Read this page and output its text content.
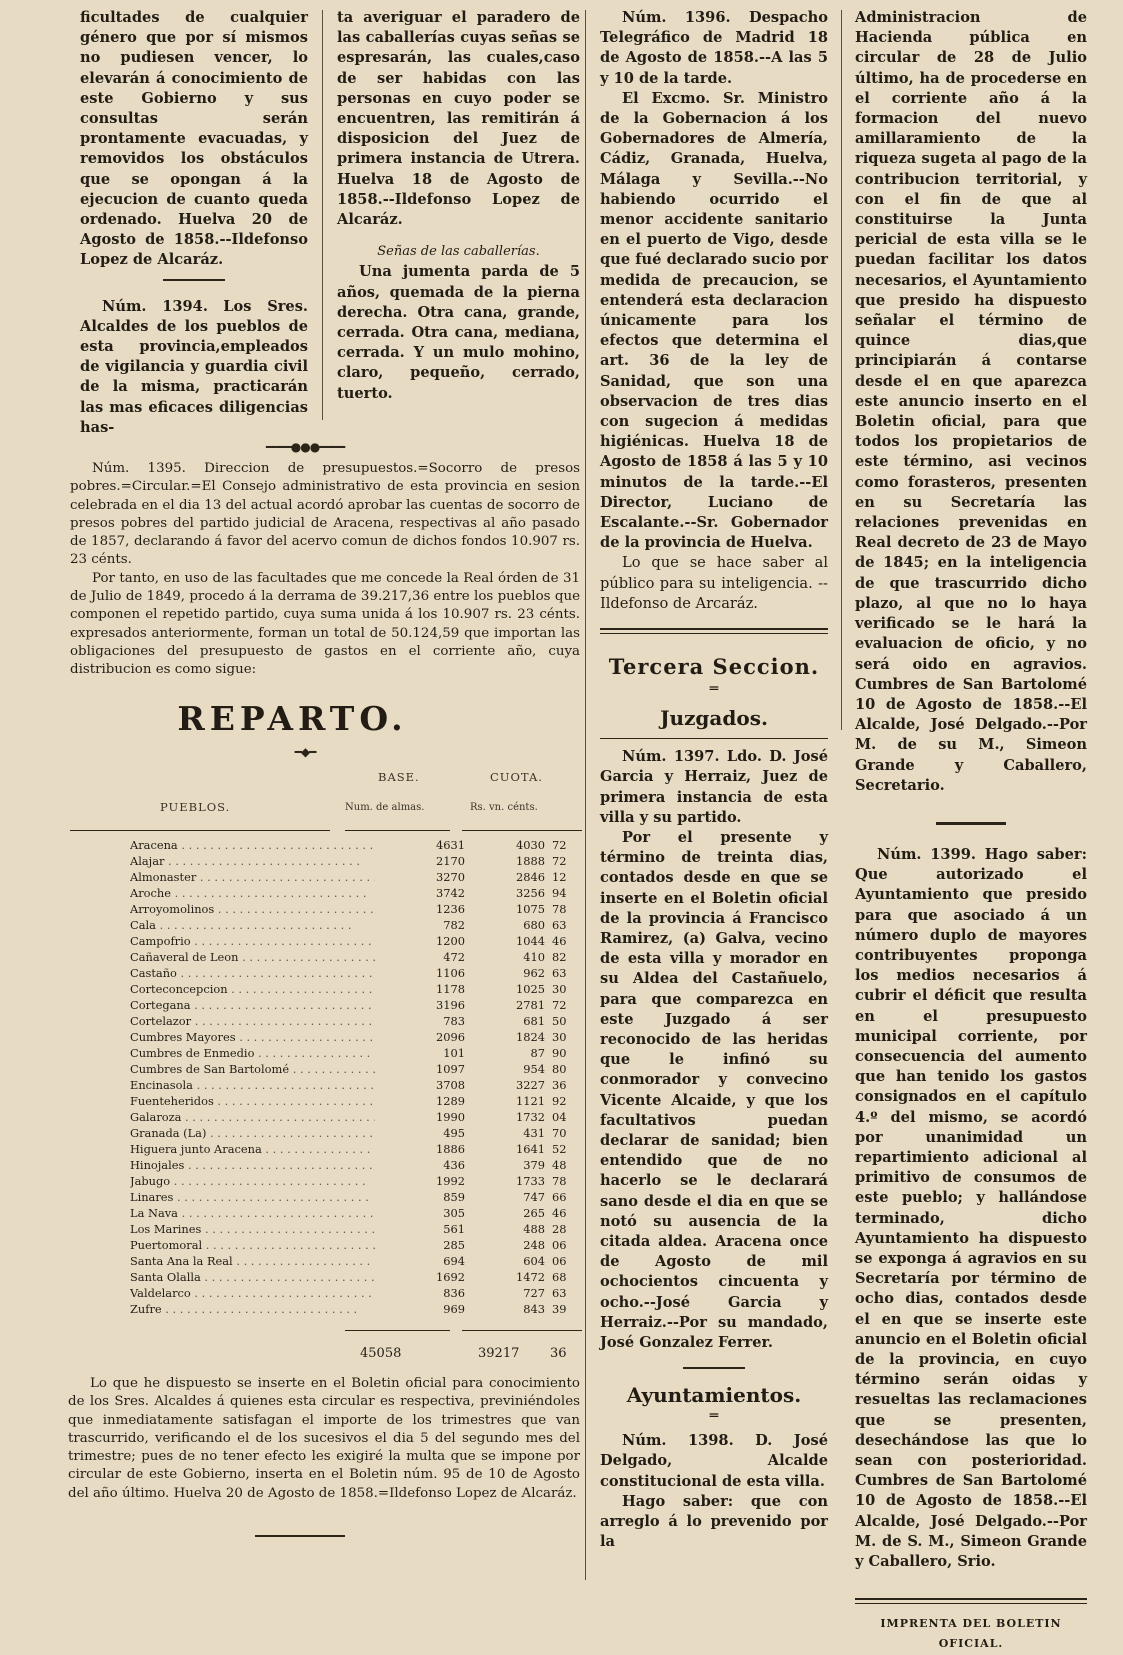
ficultades de cualquier género que por sí mismos no pudiesen vencer, lo elevarán á conocimiento de este Gobierno y sus consultas serán prontamente evacuadas, y removidos los obstáculos que se opongan á la ejecucion de cuanto queda ordenado. Huelva 20 de Agosto de 1858.--Ildefonso Lopez de Alcaráz.

Núm. 1394. Los Sres. Alcaldes de los pueblos de esta provincia,empleados de vigilancia y guardia civil de la misma, practicarán las mas eficaces diligencias has-

ta averiguar el paradero de las caballerías cuyas señas se espresarán, las cuales,caso de ser habidas con las personas en cuyo poder se encuentren, las remitirán á disposicion del Juez de primera instancia de Utrera. Huelva 18 de Agosto de 1858.--Ildefonso Lopez de Alcaráz.

Señas de las caballerías.

Una jumenta parda de 5 años, quemada de la pierna derecha. Otra cana, grande, cerrada. Otra cana, mediana, cerrada. Y un mulo mohino, claro, pequeño, cerrado, tuerto.

━━━━●●●━━━━

Núm. 1395. Direccion de presupuestos.=Socorro de presos pobres.=Circular.=El Consejo administrativo de esta provincia en sesion celebrada en el dia 13 del actual acordó aprobar las cuentas de socorro de presos pobres del partido judicial de Aracena, respectivas al año pasado de 1857, declarando á favor del acervo comun de dichos fondos 10.907 rs. 23 cénts.

Por tanto, en uso de las facultades que me concede la Real órden de 31 de Julio de 1849, procedo á la derrama de 39.217,36 entre los pueblos que componen el repetido partido, cuya suma unida á los 10.907 rs. 23 cénts. expresados anteriormente, forman un total de 50.124,59 que importan las obligaciones del presupuesto de gastos en el corriente año, cuya distribucion es como sigue:

REPARTO.
━◆━
PUEBLOS.
BASE.
Num. de almas.
CUOTA.
Rs. vn. cénts.
Aracena . . .	4631	4030 72
Alajar . . .	2170	1888 72
Almonaster . . .	3270	2846 12
Aroche . . .	3742	3256 94
Arroyomolinos . . .	1236	1075 78
Cala . . .	782	680 63
Campofrio . . .	1200	1044 46
Cañaveral de Leon . . .	472	410 82
Castaño . . .	1106	962 63
Corteconcepcion . . .	1178	1025 30
Cortegana . . .	3196	2781 72
Cortelazor . . .	783	681 50
Cumbres Mayores . . .	2096	1824 30
Cumbres de Enmedio . . .	101	87 90
Cumbres de San Bartolomé . . .	1097	954 80
Encinasola . . .	3708	3227 36
Fuenteheridos . . .	1289	1121 92
Galaroza . . .	1990	1732 04
Granada (La) . . .	495	431 70
Higuera junto Aracena . . .	1886	1641 52
Hinojales . . .	436	379 48
Jabugo . . .	1992	1733 78
Linares . . .	859	747 66
La Nava . . .	305	265 46
Los Marines . . .	561	488 28
Puertomoral . . .	285	248 06
Santa Ana la Real . . .	694	604 06
Santa Olalla . . .	1692	1472 68
Valdelarco . . .	836	727 63
Zufre . . .	969	843 39
45058	39217 36

Lo que he dispuesto se inserte en el Boletin oficial para conocimiento de los Sres. Alcaldes á quienes esta circular es respectiva, previniéndoles que inmediatamente satisfagan el importe de los trimestres que van trascurrido, verificando el de los sucesivos el dia 5 del segundo mes del trimestre; pues de no tener efecto les exigiré la multa que se impone por circular de este Gobierno, inserta en el Boletin núm. 95 de 10 de Agosto del año último. Huelva 20 de Agosto de 1858.=Ildefonso Lopez de Alcaráz.

Núm. 1396. Despacho Telegráfico de Madrid 18 de Agosto de 1858.--A las 5 y 10 de la tarde.

El Excmo. Sr. Ministro de la Gobernacion á los Gobernadores de Almería, Cádiz, Granada, Huelva, Málaga y Sevilla.--No habiendo ocurrido el menor accidente sanitario en el puerto de Vigo, desde que fué declarado sucio por medida de precaucion, se entenderá esta declaracion únicamente para los efectos que determina el art. 36 de la ley de Sanidad, que son una observacion de tres dias con sugecion á medidas higiénicas. Huelva 18 de Agosto de 1858 á las 5 y 10 minutos de la tarde.--El Director, Luciano de Escalante.--Sr. Gobernador de la provincia de Huelva.

Lo que se hace saber al público para su inteligencia. --Ildefonso de Arcaráz.

Tercera Seccion.

═

Juzgados.

Núm. 1397. Ldo. D. José Garcia y Herraiz, Juez de primera instancia de esta villa y su partido.

Por el presente y término de treinta dias, contados desde en que se inserte en el Boletin oficial de la provincia á Francisco Ramirez, (a) Galva, vecino de esta villa y morador en su Aldea del Castañuelo, para que comparezca en este Juzgado á ser reconocido de las heridas que le infinó su conmorador y convecino Vicente Alcaide, y que los facultativos puedan declarar de sanidad; bien entendido que de no hacerlo se le declarará sano desde el dia en que se notó su ausencia de la citada aldea. Aracena once de Agosto de mil ochocientos cincuenta y ocho.--José Garcia y Herraiz.--Por su mandado, José Gonzalez Ferrer.

Ayuntamientos.

═

Núm. 1398. D. José Delgado, Alcalde constitucional de esta villa.

Hago saber: que con arreglo á lo prevenido por la

Administracion de Hacienda pública en circular de 28 de Julio último, ha de procederse en el corriente año á la formacion del nuevo amillaramiento de la riqueza sugeta al pago de la contribucion territorial, y con el fin de que al constituirse la Junta pericial de esta villa se le puedan facilitar los datos necesarios, el Ayuntamiento que presido ha dispuesto señalar el término de quince dias,que principiarán á contarse desde el en que aparezca este anuncio inserto en el Boletin oficial, para que todos los propietarios de este término, asi vecinos como forasteros, presenten en su Secretaría las relaciones prevenidas en Real decreto de 23 de Mayo de 1845; en la inteligencia de que trascurrido dicho plazo, al que no lo haya verificado se le hará la evaluacion de oficio, y no será oido en agravios. Cumbres de San Bartolomé 10 de Agosto de 1858.--El Alcalde, José Delgado.--Por M. de su M., Simeon Grande y Caballero, Secretario.

Núm. 1399. Hago saber: Que autorizado el Ayuntamiento que presido para que asociado á un número duplo de mayores contribuyentes proponga los medios necesarios á cubrir el déficit que resulta en el presupuesto municipal corriente, por consecuencia del aumento que han tenido los gastos consignados en el capítulo 4.º del mismo, se acordó por unanimidad un repartimiento adicional al primitivo de consumos de este pueblo; y hallándose terminado, dicho Ayuntamiento ha dispuesto se exponga á agravios en su Secretaría por término de ocho dias, contados desde el en que se inserte este anuncio en el Boletin oficial de la provincia, en cuyo término serán oidas y resueltas las reclamaciones que se presenten, desechándose las que lo sean con posterioridad. Cumbres de San Bartolomé 10 de Agosto de 1858.--El Alcalde, José Delgado.--Por M. de S. M., Simeon Grande y Caballero, Srio.

IMPRENTA DEL BOLETIN OFICIAL.
